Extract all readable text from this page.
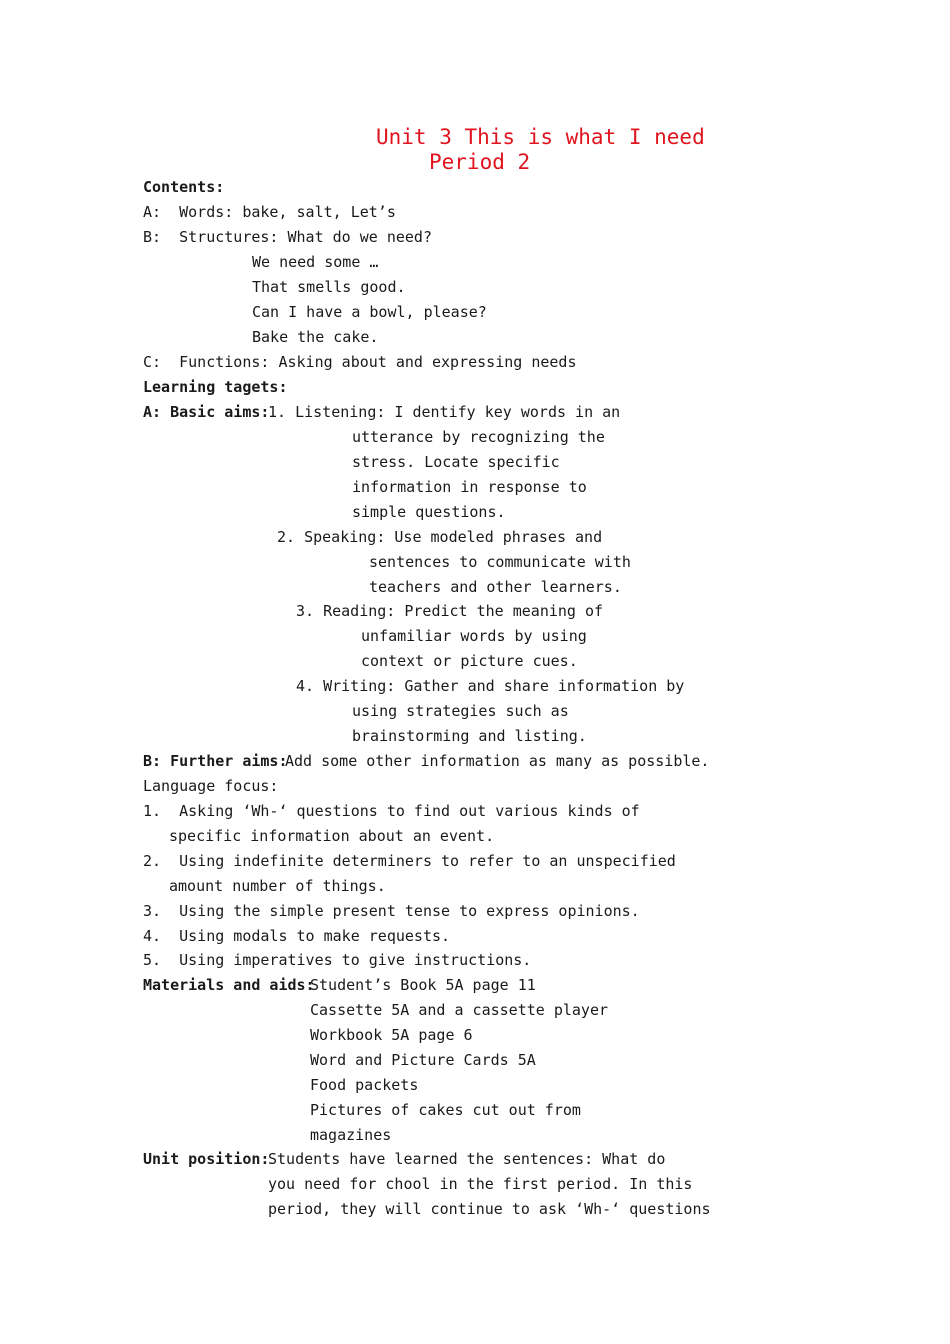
Unit 3 This is what I need
Period 2
Contents:
A:  Words: bake, salt, Let’s
B:  Structures: What do we need?
We need some …
That smells good.
Can I have a bowl, please?
Bake the cake.
C:  Functions: Asking about and expressing needs
Learning tagets:
A: Basic aims:
1. Listening: I dentify key words in an
utterance by recognizing the
stress. Locate specific
information in response to
simple questions.
2. Speaking: Use modeled phrases and
sentences to communicate with
teachers and other learners.
3. Reading: Predict the meaning of
unfamiliar words by using
context or picture cues.
4. Writing: Gather and share information by
using strategies such as
brainstorming and listing.
B: Further aims:
Add some other information as many as possible.
Language focus:
1.  Asking ‘Wh-‘ questions to find out various kinds of
specific information about an event.
2.  Using indefinite determiners to refer to an unspecified
amount number of things.
3.  Using the simple present tense to express opinions.
4.  Using modals to make requests.
5.  Using imperatives to give instructions.
Materials and aids:
Student’s Book 5A page 11
Cassette 5A and a cassette player
Workbook 5A page 6
Word and Picture Cards 5A
Food packets
Pictures of cakes cut out from
magazines
Unit position:
Students have learned the sentences: What do
you need for chool in the first period. In this
period, they will continue to ask ‘Wh-‘ questions
